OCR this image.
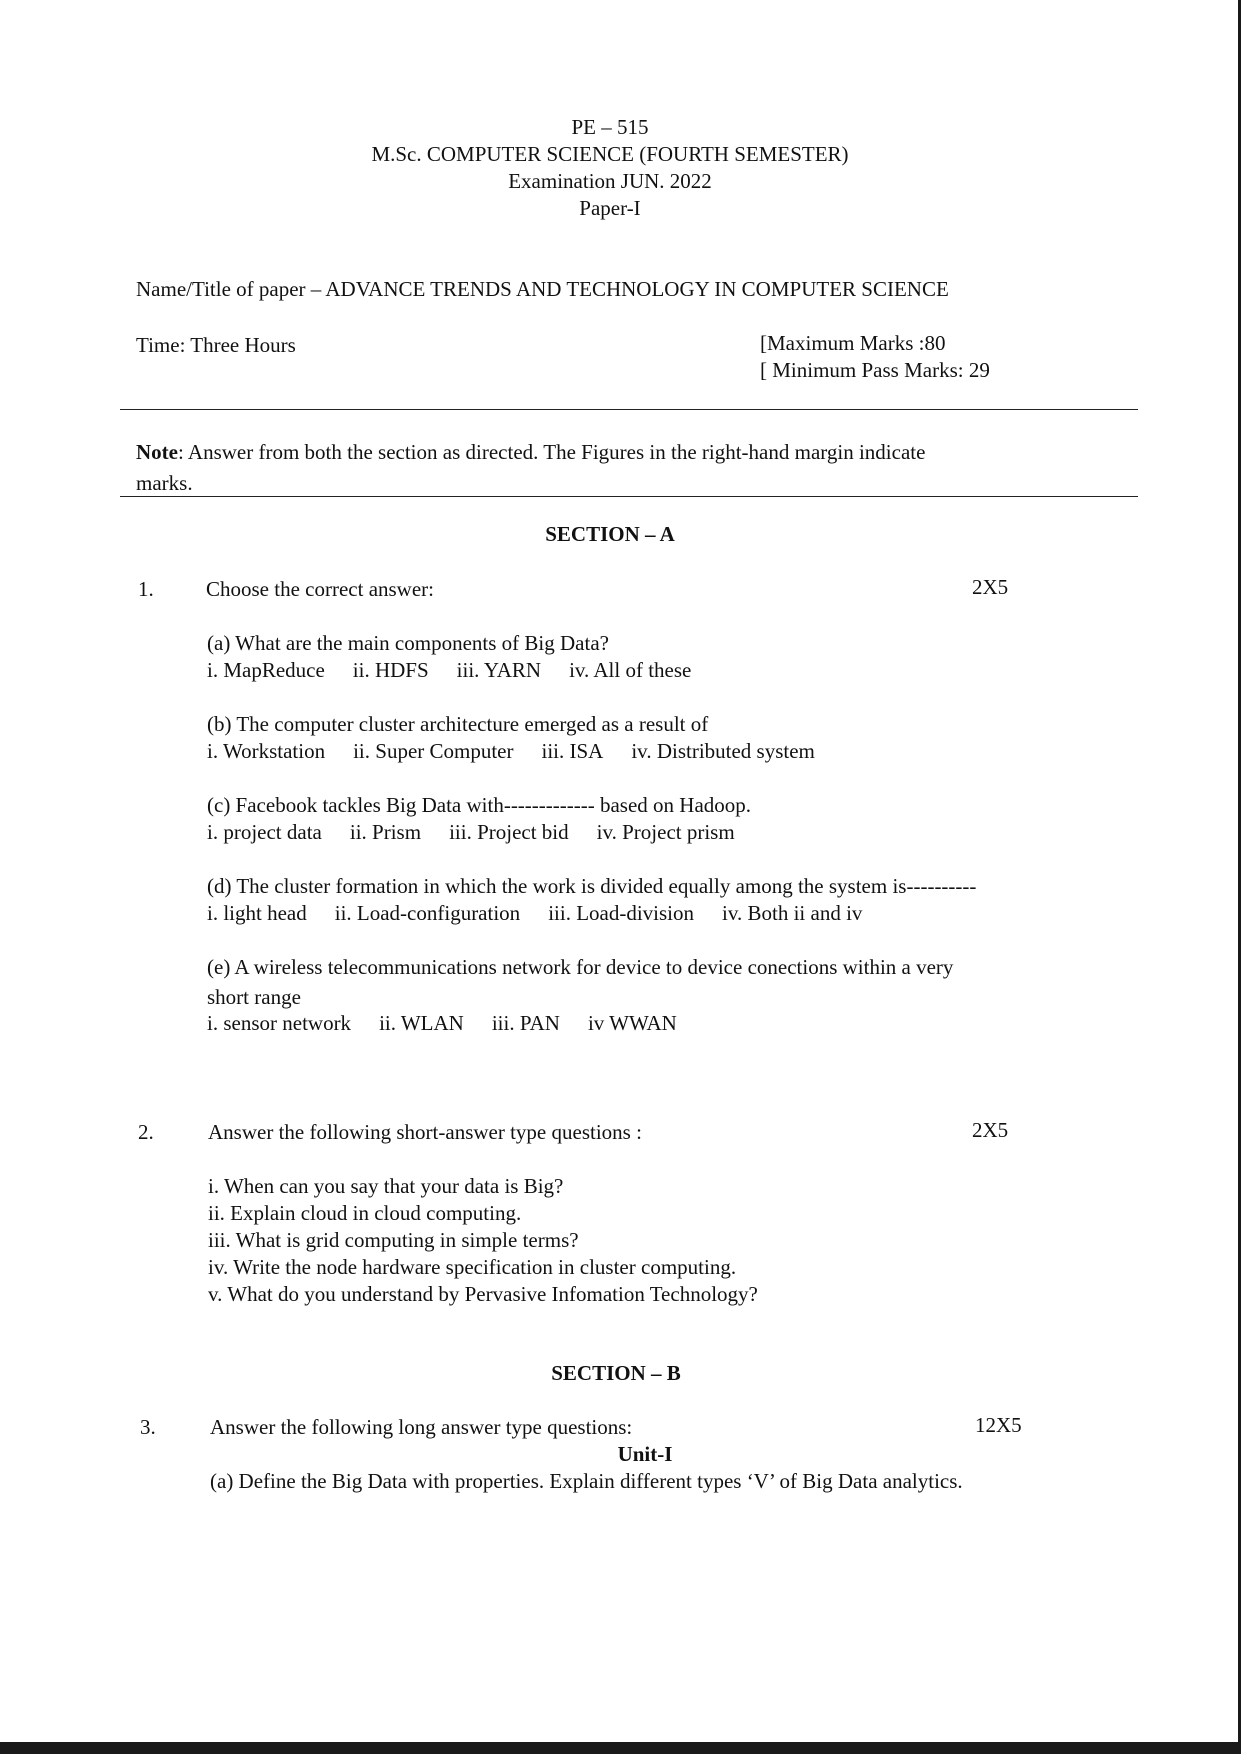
PE – 515
M.Sc. COMPUTER SCIENCE (FOURTH SEMESTER)
Examination JUN. 2022
Paper-I
Name/Title of paper – ADVANCE TRENDS AND TECHNOLOGY IN COMPUTER SCIENCE
Time: Three Hours	[Maximum Marks :80
[ Minimum Pass Marks: 29
Note: Answer from both the section as directed. The Figures in the right-hand margin indicate
marks.
SECTION – A
1. Choose the correct answer:	2X5
(a) What are the main components of Big Data?
i. MapReduce ii. HDFS iii. YARN iv. All of these
(b) The computer cluster architecture emerged as a result of
i. Workstation ii. Super Computer iii. ISA iv. Distributed system
(c) Facebook tackles Big Data with------------- based on Hadoop.
i. project data ii. Prism iii. Project bid iv. Project prism
(d) The cluster formation in which the work is divided equally among the system is----------
i. light head ii. Load-configuration iii. Load-division iv. Both ii and iv
(e) A wireless telecommunications network for device to device conections within a very
short range
i. sensor network ii. WLAN iii. PAN iv WWAN
2.	Answer the following short-answer type questions :	2X5
i. When can you say that your data is Big?
ii. Explain cloud in cloud computing.
iii. What is grid computing in simple terms?
iv. Write the node hardware specification in cluster computing.
v. What do you understand by Pervasive Infomation Technology?
SECTION – B
3.	Answer the following long answer type questions:	12X5
Unit-I
(a) Define the Big Data with properties. Explain different types ‘V’ of Big Data analytics.
